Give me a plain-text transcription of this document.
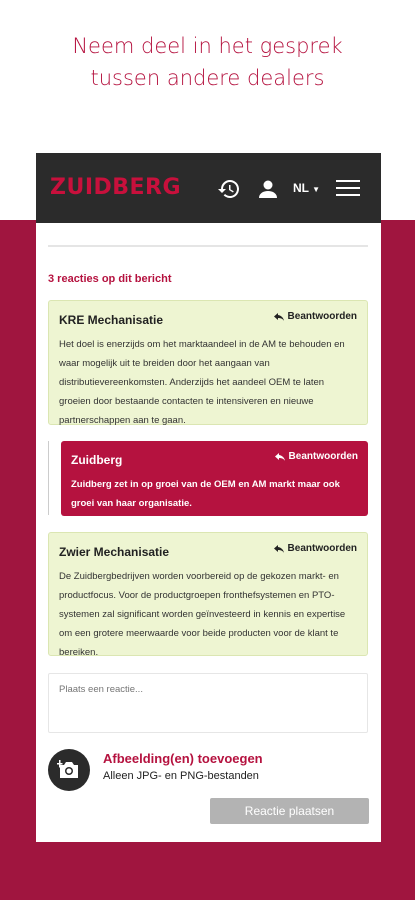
Neem deel in het gesprek
tussen andere dealers
ZUIDBERG	NL ▼
3 reacties op dit bericht
KRE Mechanisatie	Beantwoorden
Het doel is enerzijds om het marktaandeel in de AM te behouden en waar mogelijk uit te breiden door het aangaan van distributievereenkomsten. Anderzijds het aandeel OEM te laten groeien door bestaande contacten te intensiveren en nieuwe partnerschappen aan te gaan.
Zuidberg	Beantwoorden
Zuidberg zet in op groei van de OEM en AM markt maar ook groei van haar organisatie.
Zwier Mechanisatie	Beantwoorden
De Zuidbergbedrijven worden voorbereid op de gekozen markt- en productfocus. Voor de productgroepen fronthefsystemen en PTO-systemen zal significant worden geïnvesteerd in kennis en expertise om een grotere meerwaarde voor beide producten voor de klant te bereiken.
Plaats een reactie...
Afbeelding(en) toevoegen
Alleen JPG- en PNG-bestanden
Reactie plaatsen
